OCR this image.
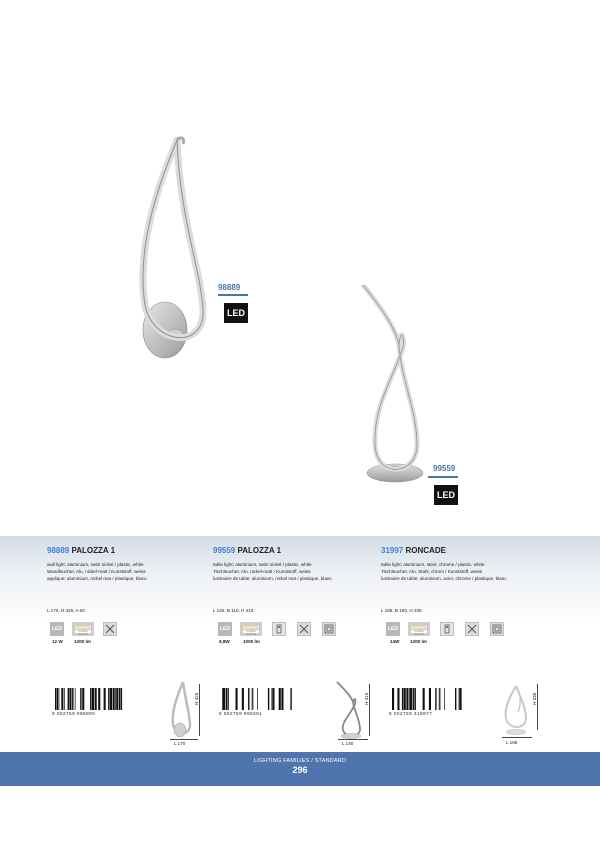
98889
LED
99559
LED
98889 PALOZZA 1
wall light; aluminium, satin nickel / plastic, white
Wandleuchte; Alu, nickel-matt / Kunststoff, weiss
applique; aluminium, nickel mat / plastique, blanc
99559 PALOZZA 1
table light; aluminium, satin nickel / plastic, white
Tischleuchte; Alu, nickel-matt / Kunststoff, weiss
luminaire de table; aluminium, nickel mat / plastique, blanc
31997 RONCADE
table light; aluminium, steel, chrome / plastic, white
Tischleuchte; Alu, Stahl, chrom / Kunststoff, weiss
luminaire de table; aluminium, acier, chrome / plastique, blanc
L 170, H 425, A 60	L 140, B 110, H 410	L 185, B 150, H 335
LED	WARM WHITE
12 W 1200 lm
LED	WARM WHITE
9,8W	1000 lm
LED	WARM WHITE
14W 1200 lm
9 002759 988890	9 002759 995591	9 002759 319977
H 425
L 170
H 410
L 140
H 335
L 185
LIGHTING FAMILIES / STANDARD
296
